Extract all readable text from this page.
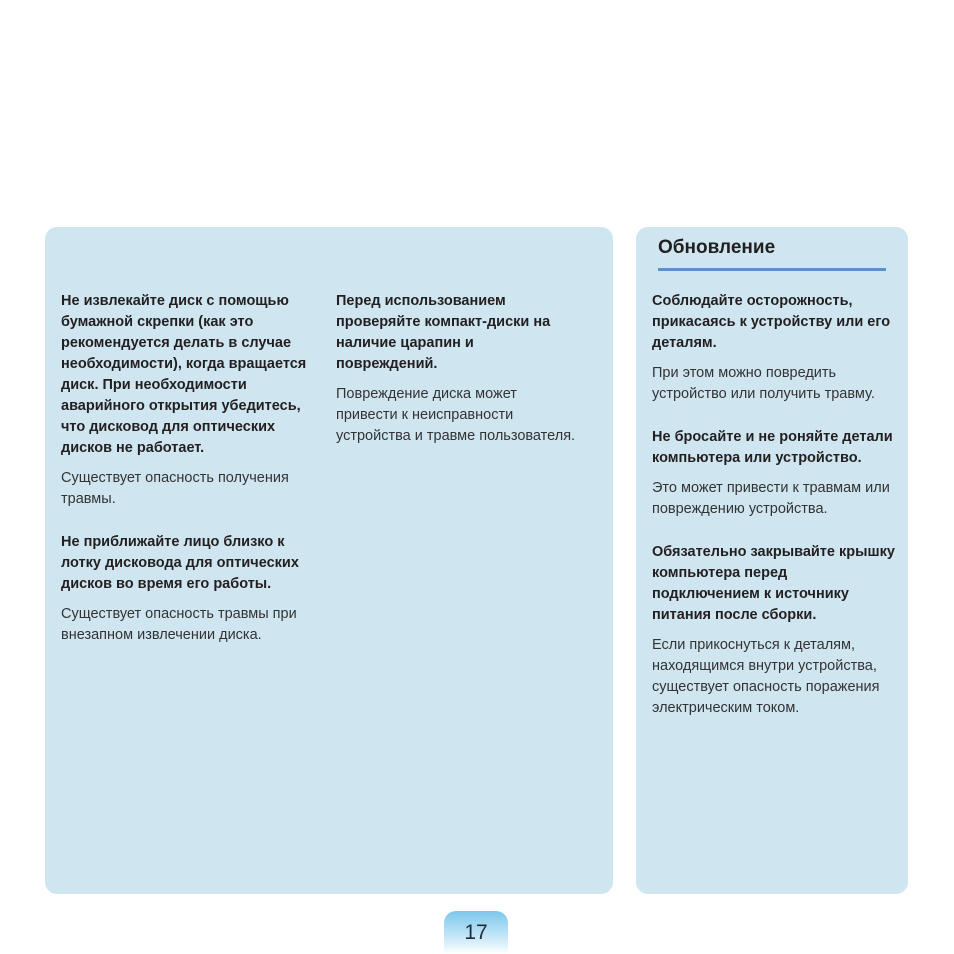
Не извлекайте диск с помощью бумажной скрепки (как это рекомендуется делать в случае необходимости), когда вращается диск. При необходимости аварийного открытия убедитесь, что дисковод для оптических дисков не работает.

Существует опасность получения травмы.

Не приближайте лицо близко к лотку дисковода для оптических дисков во время его работы.

Существует опасность травмы при внезапном извлечении диска.

Перед использованием проверяйте компакт-диски на наличие царапин и повреждений.

Повреждение диска может привести к неисправности устройства и травме пользователя.

Обновление

Соблюдайте осторожность, прикасаясь к устройству или его деталям.

При этом можно повредить устройство или получить травму.

Не бросайте и не роняйте детали компьютера или устройство.

Это может привести к травмам или повреждению устройства.

Обязательно закрывайте крышку компьютера перед подключением к источнику питания после сборки.

Если прикоснуться к деталям, находящимся внутри устройства, существует опасность поражения электрическим током.

17
